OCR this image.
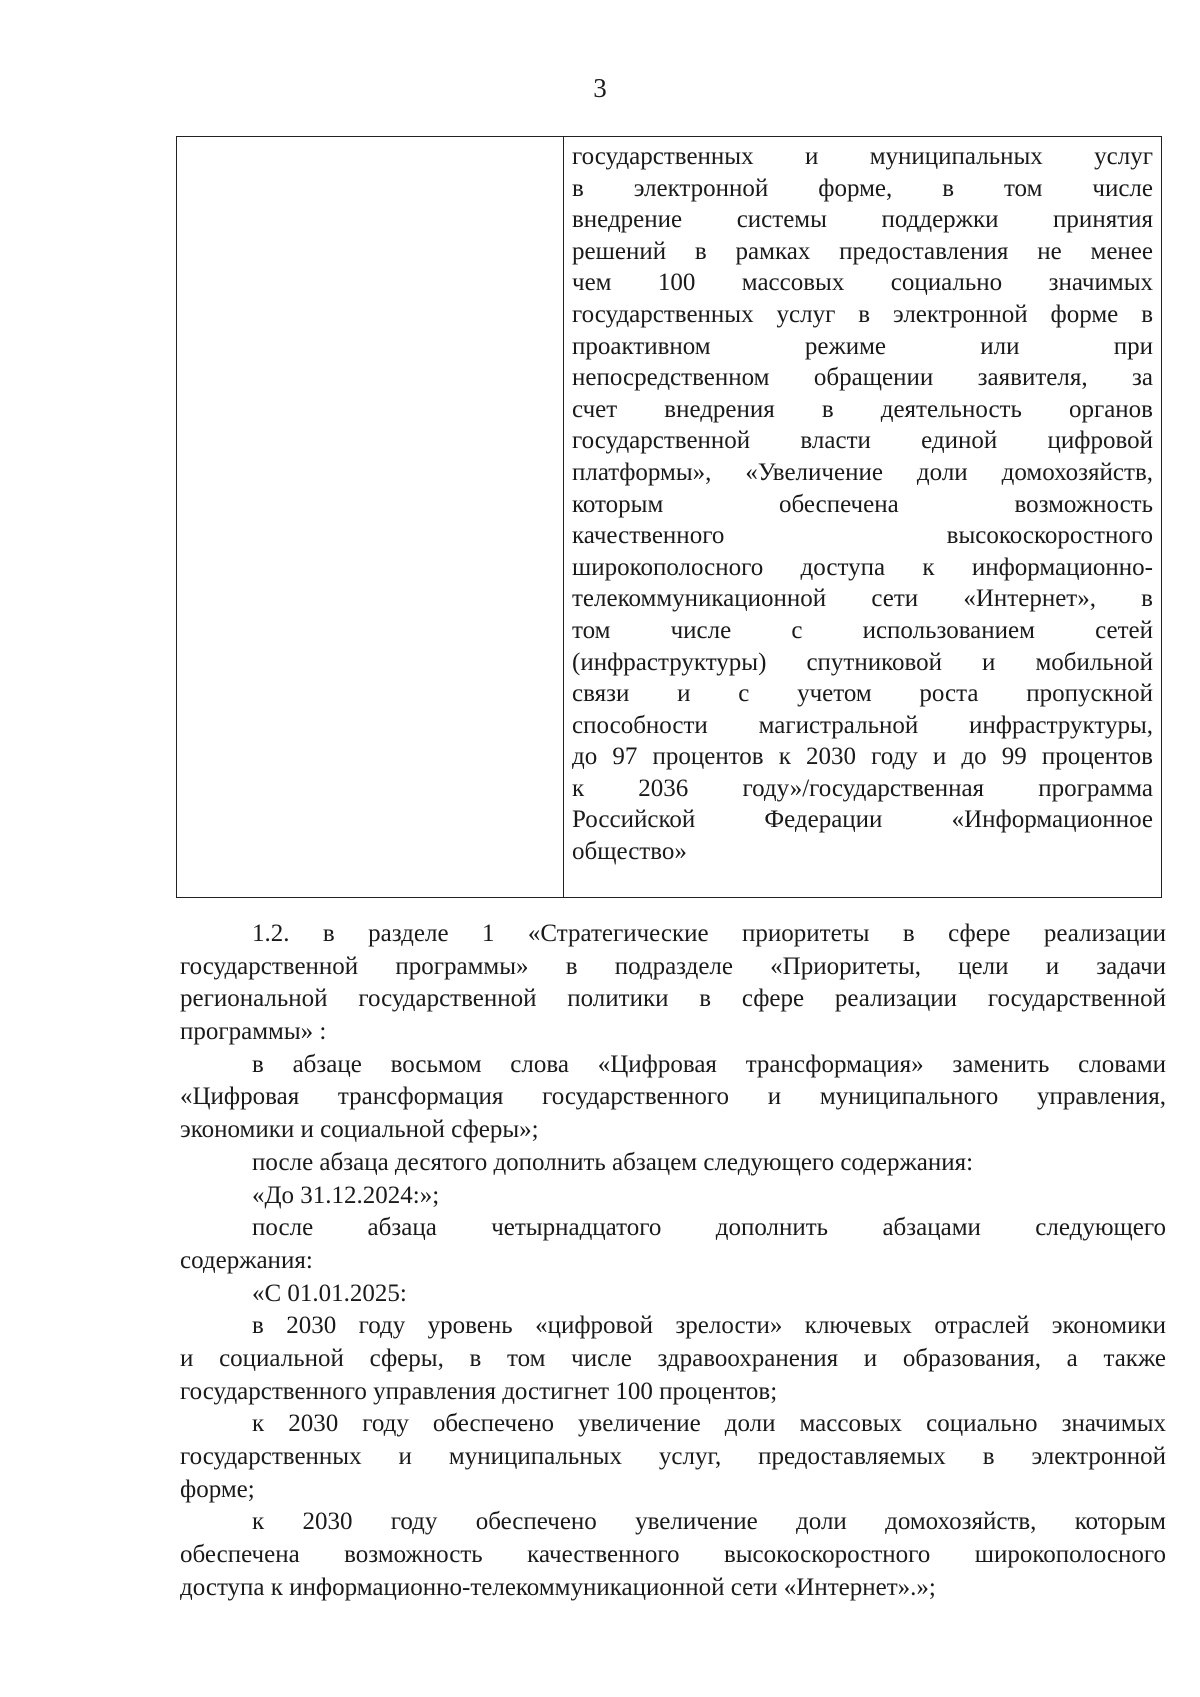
3
государственных и муниципальных услуг
в электронной форме, в том числе
внедрение системы поддержки принятия
решений в рамках предоставления не менее
чем 100 массовых социально значимых
государственных услуг в электронной форме в
проактивном режиме или при
непосредственном обращении заявителя, за
счет внедрения в деятельность органов
государственной власти единой цифровой
платформы», «Увеличение доли домохозяйств,
которым обеспечена возможность
качественного высокоскоростного
широкополосного доступа к информационно-
телекоммуникационной сети «Интернет», в
том числе с использованием сетей
(инфраструктуры) спутниковой и мобильной
связи и с учетом роста пропускной
способности магистральной инфраструктуры,
до 97 процентов к 2030 году и до 99 процентов
к 2036 году»/государственная программа
Российской Федерации «Информационное
общество»
1.2. в разделе 1 «Стратегические приоритеты в сфере реализации
государственной программы» в подразделе «Приоритеты, цели и задачи
региональной государственной политики в сфере реализации государственной
программы» :
в абзаце восьмом слова «Цифровая трансформация» заменить словами
«Цифровая трансформация государственного и муниципального управления,
экономики и социальной сферы»;
после абзаца десятого дополнить абзацем следующего содержания:
«До 31.12.2024:»;
после абзаца четырнадцатого дополнить абзацами следующего
содержания:
«С 01.01.2025:
в 2030 году уровень «цифровой зрелости» ключевых отраслей экономики
и социальной сферы, в том числе здравоохранения и образования, а также
государственного управления достигнет 100 процентов;
к 2030 году обеспечено увеличение доли массовых социально значимых
государственных и муниципальных услуг, предоставляемых в электронной
форме;
к 2030 году обеспечено увеличение доли домохозяйств, которым
обеспечена возможность качественного высокоскоростного широкополосного
доступа к информационно-телекоммуникационной сети «Интернет».»;
